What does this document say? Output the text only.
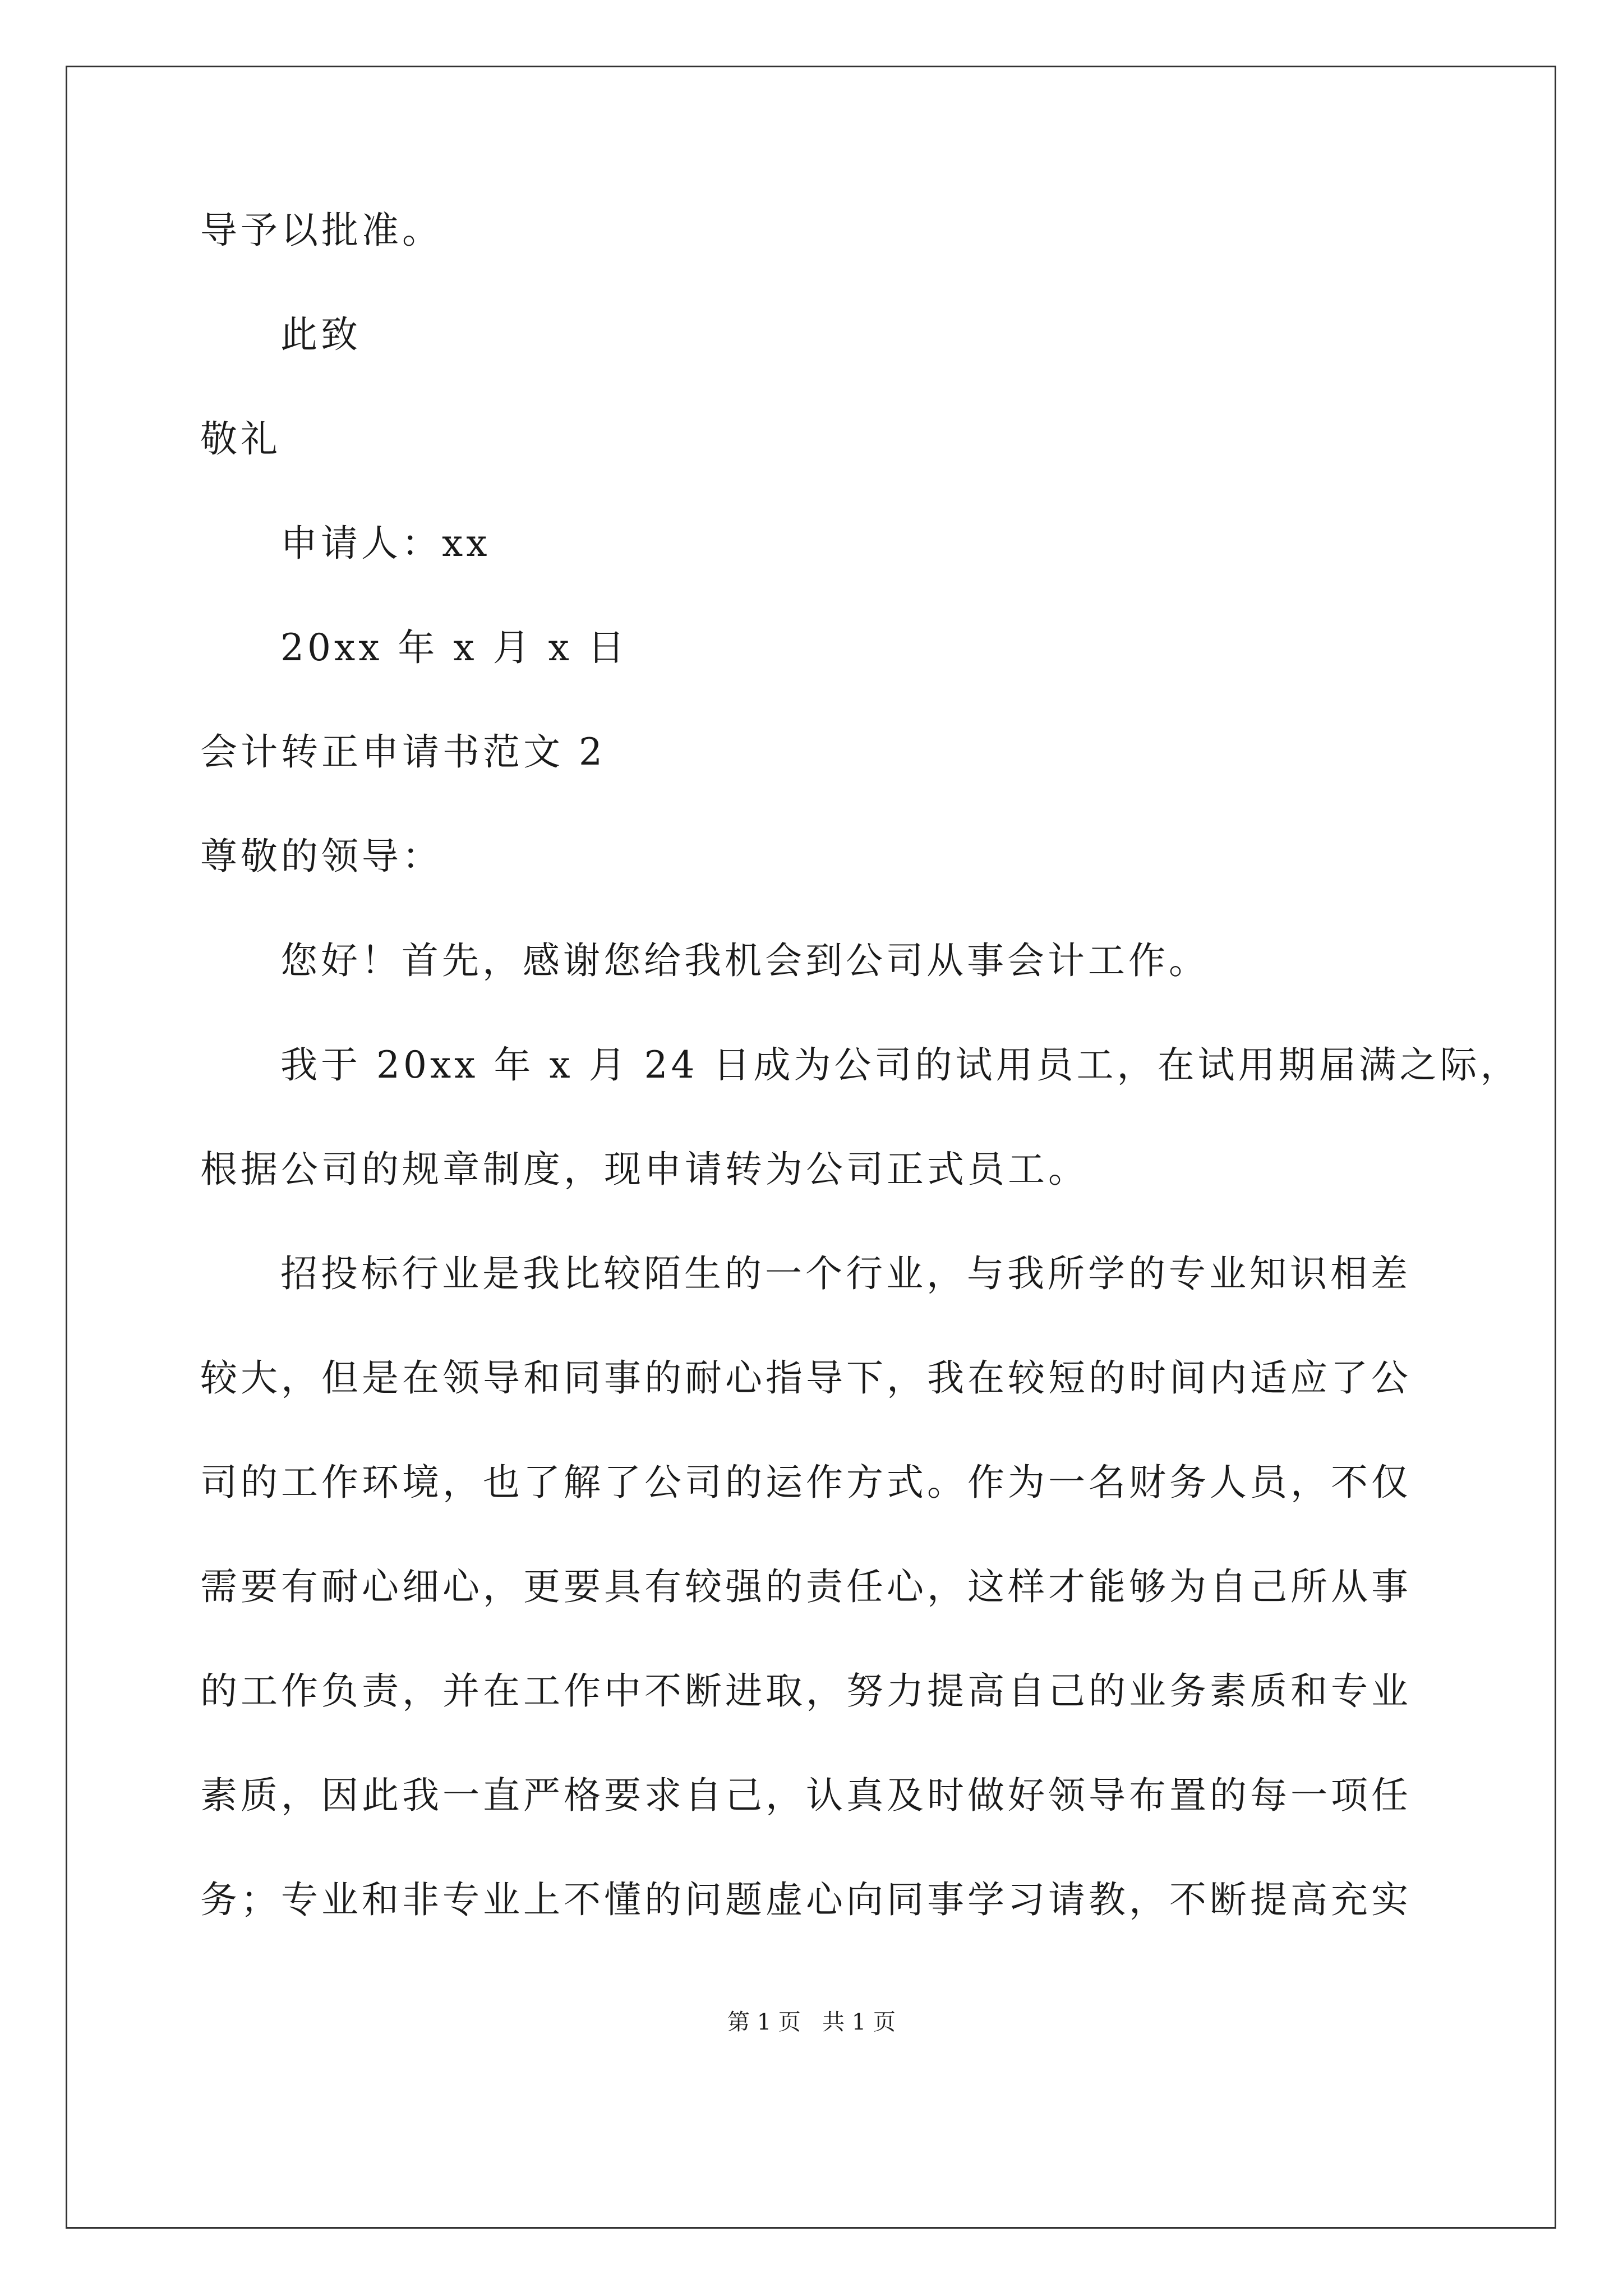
导予以批准。
此致
敬礼
申请人：xx
20xx 年 x 月 x 日
会计转正申请书范文 2
尊敬的领导：
您好！首先，感谢您给我机会到公司从事会计工作。
我于 20xx 年 x 月 24 日成为公司的试用员工，在试用期届满之际，
根据公司的规章制度，现申请转为公司正式员工。
招投标行业是我比较陌生的一个行业，与我所学的专业知识相差
较大，但是在领导和同事的耐心指导下，我在较短的时间内适应了公
司的工作环境，也了解了公司的运作方式。作为一名财务人员，不仅
需要有耐心细心，更要具有较强的责任心，这样才能够为自己所从事
的工作负责，并在工作中不断进取，努力提高自己的业务素质和专业
素质，因此我一直严格要求自己，认真及时做好领导布置的每一项任
务；专业和非专业上不懂的问题虚心向同事学习请教，不断提高充实
第 1 页   共 1 页
